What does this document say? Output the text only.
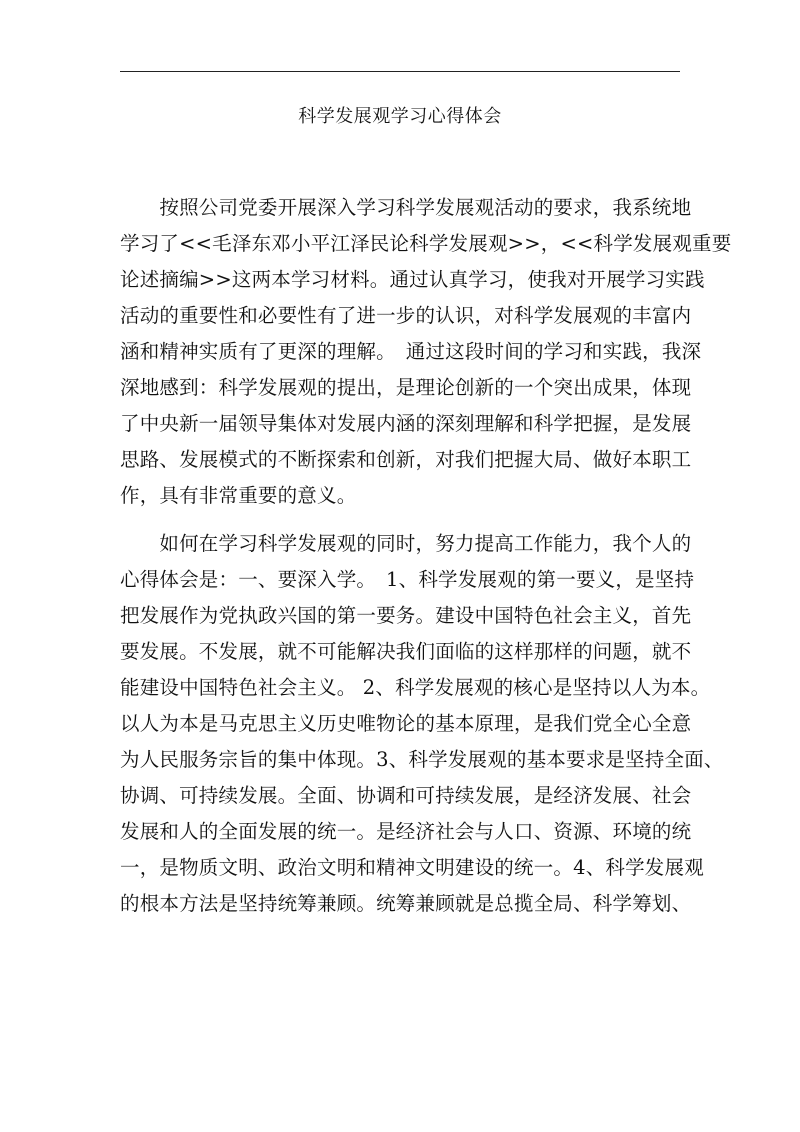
科学发展观学习心得体会
　　按照公司党委开展深入学习科学发展观活动的要求，我系统地
学习了<<毛泽东邓小平江泽民论科学发展观>>，<<科学发展观重要
论述摘编>>这两本学习材料。通过认真学习，使我对开展学习实践
活动的重要性和必要性有了进一步的认识，对科学发展观的丰富内
涵和精神实质有了更深的理解。　通过这段时间的学习和实践，我深
深地感到：科学发展观的提出，是理论创新的一个突出成果，体现
了中央新一届领导集体对发展内涵的深刻理解和科学把握，是发展
思路、发展模式的不断探索和创新，对我们把握大局、做好本职工
作，具有非常重要的意义。
　　如何在学习科学发展观的同时，努力提高工作能力，我个人的
心得体会是：一、要深入学。　1、科学发展观的第一要义，是坚持
把发展作为党执政兴国的第一要务。建设中国特色社会主义，首先
要发展。不发展，就不可能解决我们面临的这样那样的问题，就不
能建设中国特色社会主义。 2、科学发展观的核心是坚持以人为本。
以人为本是马克思主义历史唯物论的基本原理，是我们党全心全意
为人民服务宗旨的集中体现。3、科学发展观的基本要求是坚持全面、
协调、可持续发展。全面、协调和可持续发展，是经济发展、社会
发展和人的全面发展的统一。是经济社会与人口、资源、环境的统
一，是物质文明、政治文明和精神文明建设的统一。4、科学发展观
的根本方法是坚持统筹兼顾。统筹兼顾就是总揽全局、科学筹划、
